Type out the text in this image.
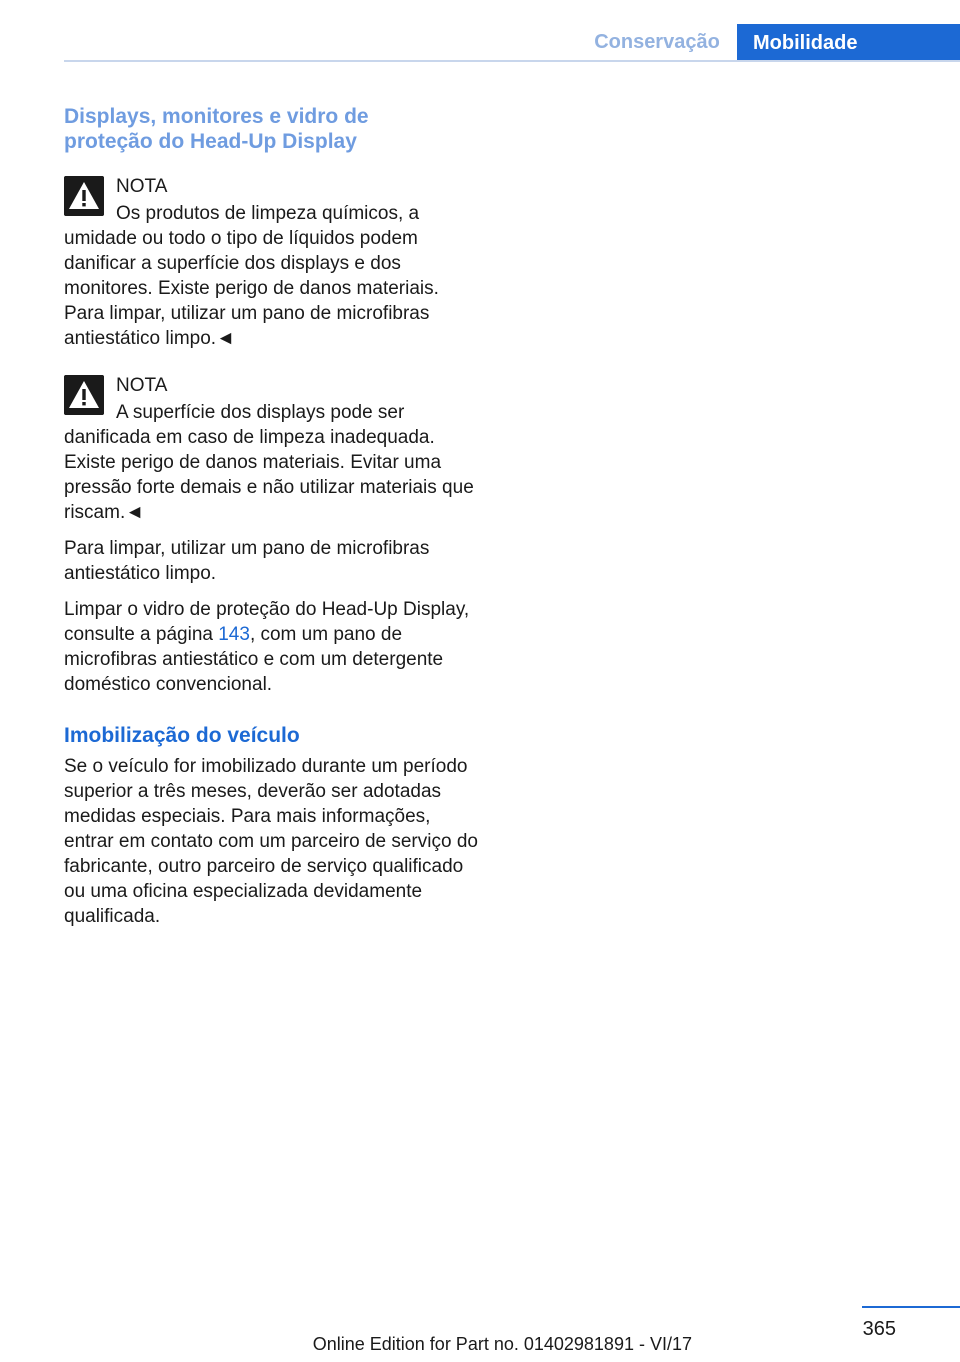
Conservação	Mobilidade
Displays, monitores e vidro de
proteção do Head-Up Display
NOTA

Os produtos de limpeza químicos, a umidade ou todo o tipo de líquidos podem danificar a superfície dos displays e dos monitores. Existe perigo de danos materiais. Para limpar, utilizar um pano de microfibras antiestático limpo.◄

NOTA

A superfície dos displays pode ser danificada em caso de limpeza inadequada. Existe perigo de danos materiais. Evitar uma pressão forte demais e não utilizar materiais que riscam.◄

Para limpar, utilizar um pano de microfibras antiestático limpo.

Limpar o vidro de proteção do Head-Up Display, consulte a página 143, com um pano de microfibras antiestático e com um detergente doméstico convencional.

Imobilização do veículo

Se o veículo for imobilizado durante um período superior a três meses, deverão ser adotadas medidas especiais. Para mais informações, entrar em contato com um parceiro de serviço do fabricante, outro parceiro de serviço qualificado ou uma oficina especializada devidamente qualificada.

365
Online Edition for Part no. 01402981891 - VI/17
